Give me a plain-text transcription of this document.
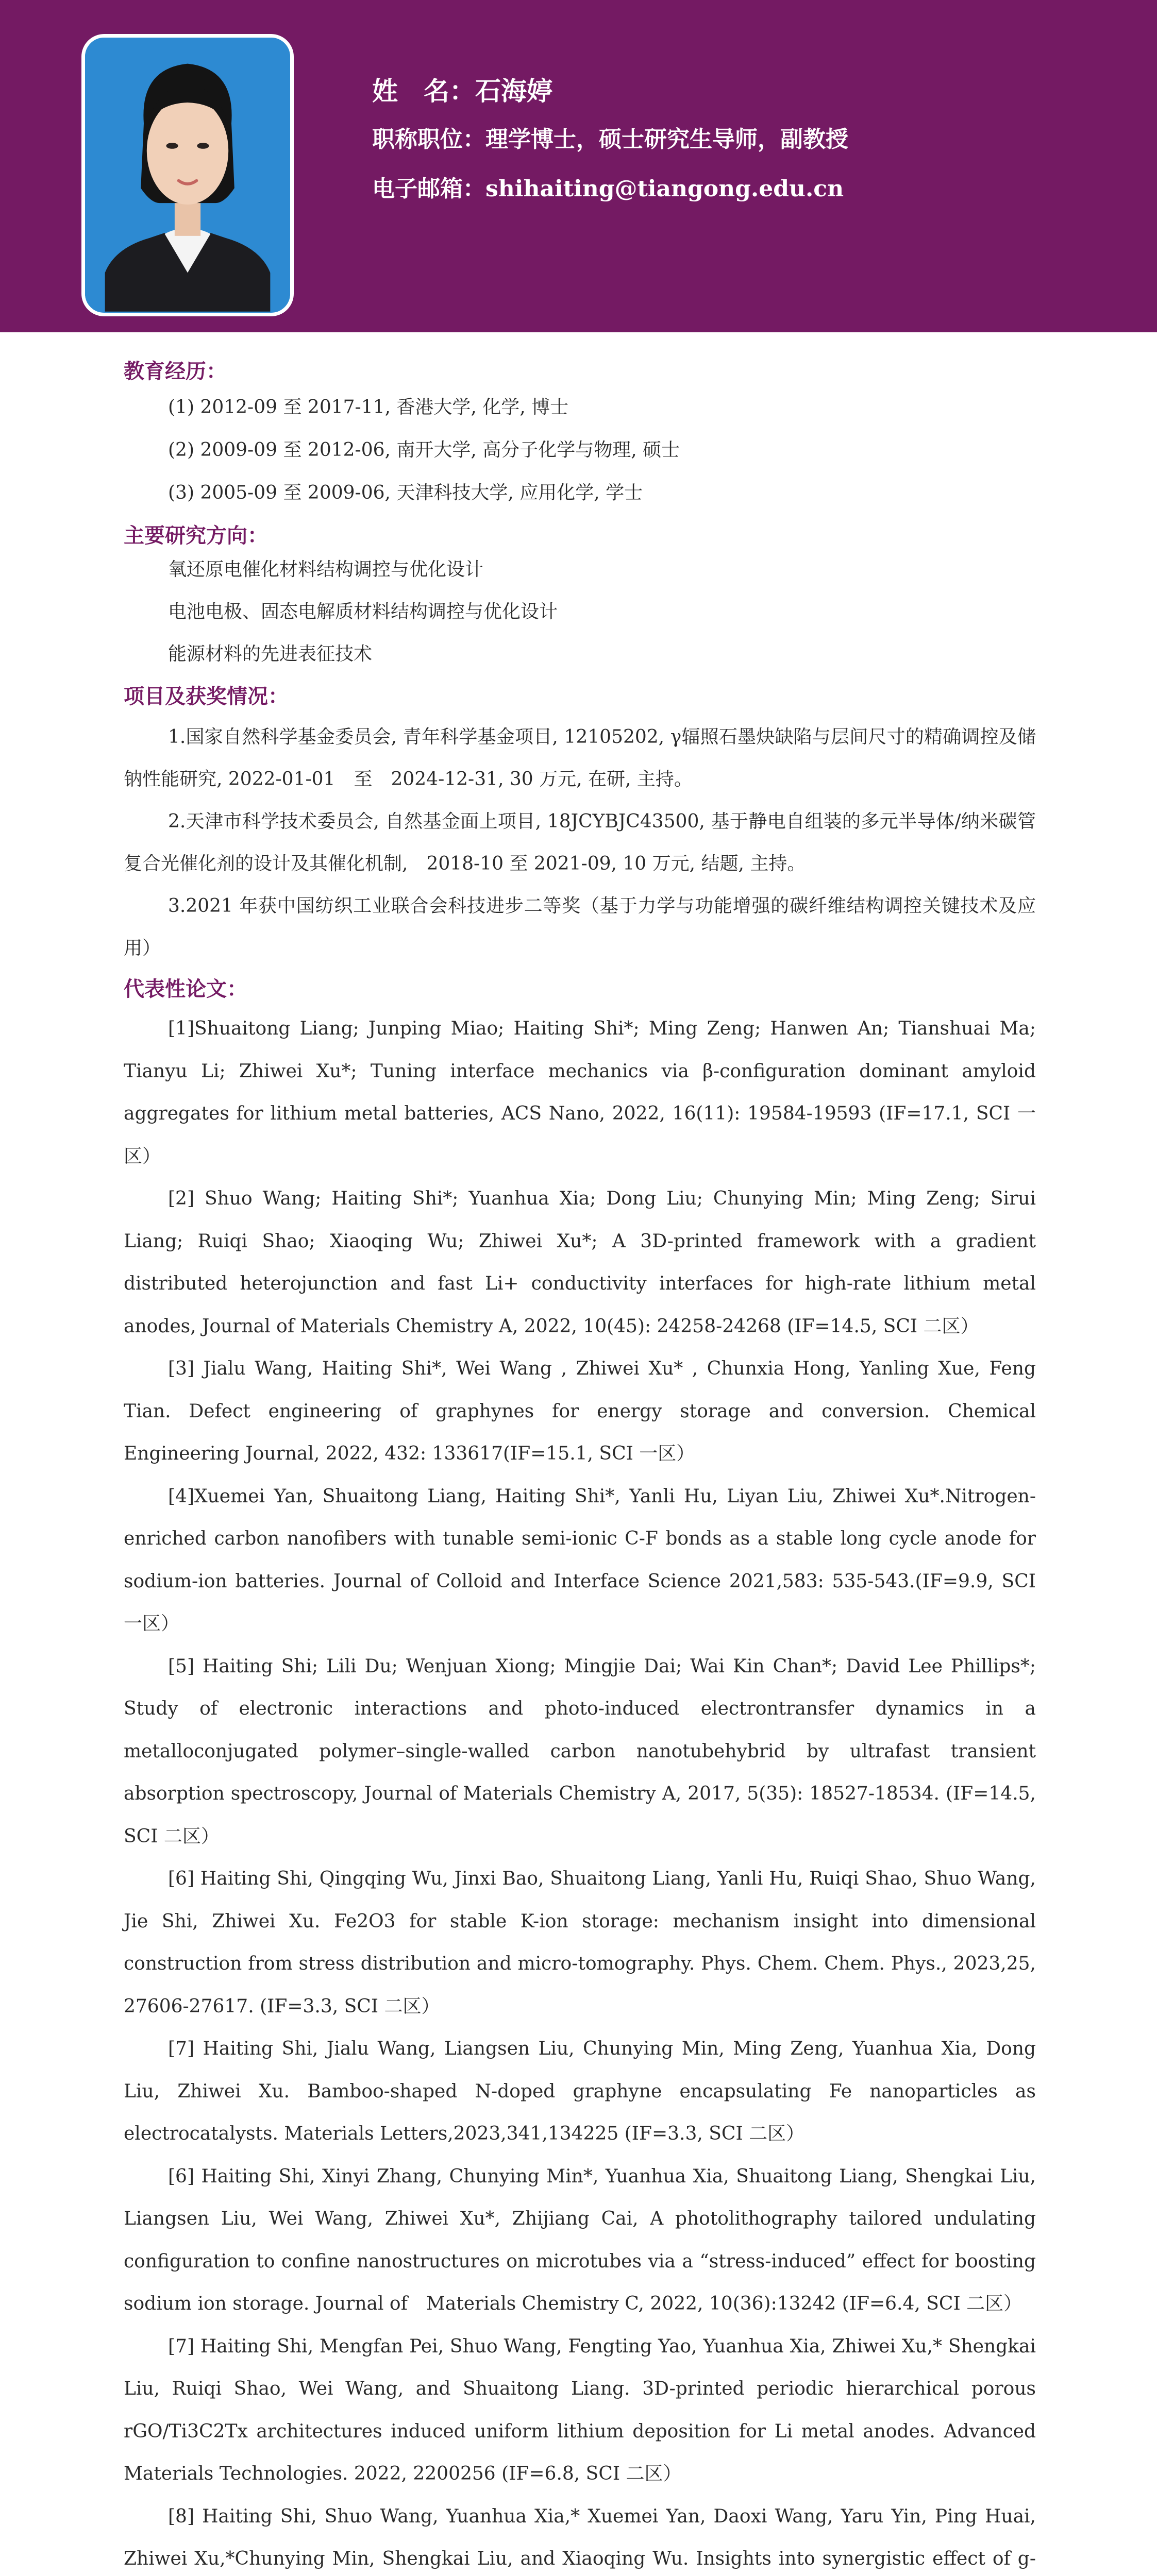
姓　名：石海婷
职称职位：理学博士，硕士研究生导师，副教授
电子邮箱：shihaiting@tiangong.edu.cn
教育经历：
(1) 2012-09 至 2017-11, 香港大学, 化学, 博士
(2) 2009-09 至 2012-06, 南开大学, 高分子化学与物理, 硕士
(3) 2005-09 至 2009-06, 天津科技大学, 应用化学, 学士
主要研究方向：
氧还原电催化材料结构调控与优化设计
电池电极、固态电解质材料结构调控与优化设计
能源材料的先进表征技术
项目及获奖情况：

1.国家自然科学基金委员会, 青年科学基金项目, 12105202, γ辐照石墨炔缺陷与层间尺寸的精确调控及储钠性能研究, 2022-01-01　至　2024-12-31, 30 万元, 在研, 主持。

2.天津市科学技术委员会, 自然基金面上项目, 18JCYBJC43500, 基于静电自组装的多元半导体/纳米碳管复合光催化剂的设计及其催化机制,　2018-10 至 2021-09, 10 万元, 结题, 主持。

3.2021 年获中国纺织工业联合会科技进步二等奖（基于力学与功能增强的碳纤维结构调控关键技术及应用）

代表性论文：

[1]Shuaitong Liang; Junping Miao; Haiting Shi*; Ming Zeng; Hanwen An; Tianshuai Ma; Tianyu Li; Zhiwei Xu*; Tuning interface mechanics via β-configuration dominant amyloid aggregates for lithium metal batteries, ACS Nano, 2022, 16(11): 19584-19593 (IF=17.1, SCI 一区）

[2] Shuo Wang; Haiting Shi*; Yuanhua Xia; Dong Liu; Chunying Min; Ming Zeng; Sirui Liang; Ruiqi Shao; Xiaoqing Wu; Zhiwei Xu*; A 3D-printed framework with a gradient distributed heterojunction and fast Li+ conductivity interfaces for high-rate lithium metal anodes, Journal of Materials Chemistry A, 2022, 10(45): 24258-24268 (IF=14.5, SCI 二区）

[3] Jialu Wang, Haiting Shi*, Wei Wang , Zhiwei Xu* , Chunxia Hong, Yanling Xue, Feng Tian. Defect engineering of graphynes for energy storage and conversion. Chemical Engineering Journal, 2022, 432: 133617(IF=15.1, SCI 一区）

[4]Xuemei Yan, Shuaitong Liang, Haiting Shi*, Yanli Hu, Liyan Liu, Zhiwei Xu*.Nitrogen-enriched carbon nanofibers with tunable semi-ionic C-F bonds as a stable long cycle anode for sodium-ion batteries. Journal of Colloid and Interface Science 2021,583: 535-543.(IF=9.9, SCI 一区）

[5] Haiting Shi; Lili Du; Wenjuan Xiong; Mingjie Dai; Wai Kin Chan*; David Lee Phillips*; Study of electronic interactions and photo-induced electrontransfer dynamics in a metalloconjugated polymer–single-walled carbon nanotubehybrid by ultrafast transient absorption spectroscopy, Journal of Materials Chemistry A, 2017, 5(35): 18527-18534. (IF=14.5, SCI 二区）

[6] Haiting Shi, Qingqing Wu, Jinxi Bao, Shuaitong Liang, Yanli Hu, Ruiqi Shao, Shuo Wang, Jie Shi, Zhiwei Xu. Fe2O3 for stable K-ion storage: mechanism insight into dimensional construction from stress distribution and micro-tomography. Phys. Chem. Chem. Phys., 2023,25, 27606-27617. (IF=3.3, SCI 二区）

[7] Haiting Shi, Jialu Wang, Liangsen Liu, Chunying Min, Ming Zeng, Yuanhua Xia, Dong Liu, Zhiwei Xu. Bamboo-shaped N-doped graphyne encapsulating Fe nanoparticles as electrocatalysts. Materials Letters,2023,341,134225 (IF=3.3, SCI 二区）

[6] Haiting Shi, Xinyi Zhang, Chunying Min*, Yuanhua Xia, Shuaitong Liang, Shengkai Liu, Liangsen Liu, Wei Wang, Zhiwei Xu*, Zhijiang Cai, A photolithography tailored undulating configuration to confine nanostructures on microtubes via a “stress-induced” effect for boosting sodium ion storage. Journal of　Materials Chemistry C, 2022, 10(36):13242 (IF=6.4, SCI 二区）

[7] Haiting Shi, Mengfan Pei, Shuo Wang, Fengting Yao, Yuanhua Xia, Zhiwei Xu,* Shengkai Liu, Ruiqi Shao, Wei Wang, and Shuaitong Liang. 3D-printed periodic hierarchical porous rGO/Ti3C2Tx architectures induced uniform lithium deposition for Li metal anodes. Advanced Materials Technologies. 2022, 2200256 (IF=6.8, SCI 二区）

[8] Haiting Shi, Shuo Wang, Yuanhua Xia,* Xuemei Yan, Daoxi Wang, Yaru Yin, Ping Huai, Zhiwei Xu,*Chunying Min, Shengkai Liu, and Xiaoqing Wu. Insights into synergistic effect of g-
